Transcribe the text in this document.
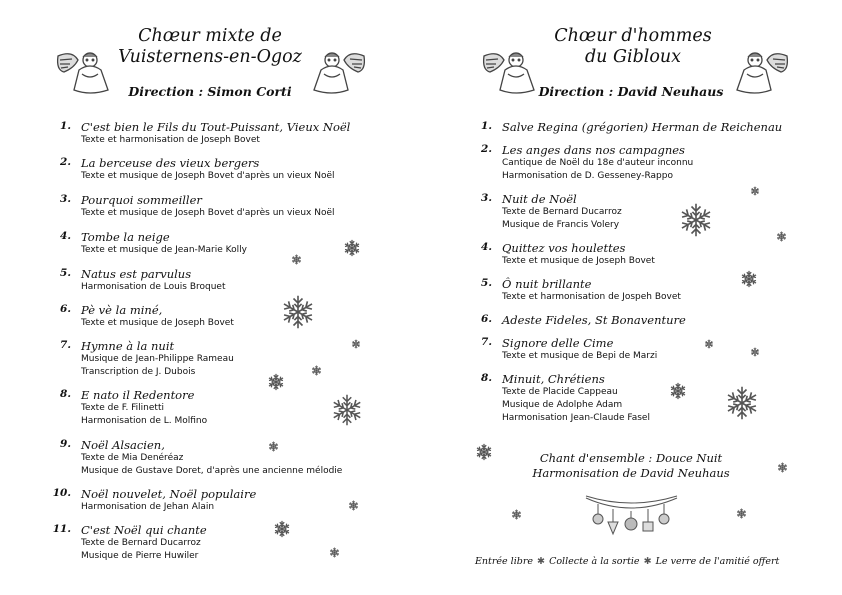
Chœur mixte de
Vuisternens-en-Ogoz
Direction : Simon Corti
1. C'est bien le Fils du Tout-Puissant, Vieux Noël
Texte et harmonisation de Joseph Bovet
2. La berceuse des vieux bergers
Texte et musique de Joseph Bovet d'après un vieux Noël
3. Pourquoi sommeiller
Texte et musique de Joseph Bovet d'après un vieux Noël
4. Tombe la neige
Texte et musique de Jean-Marie Kolly
5. Natus est parvulus
Harmonisation de Louis Broquet
6. Pè vè la miné,
Texte et musique de Joseph Bovet
7. Hymne à la nuit
Musique de Jean-Philippe Rameau
Transcription de J. Dubois
8. E nato il Redentore
Texte de F. Filinetti
Harmonisation de L. Molfino
9. Noël Alsacien,
Texte de Mia Denéréaz
Musique de Gustave Doret, d'après une ancienne mélodie
10. Noël nouvelet, Noël populaire
Harmonisation de Jehan Alain
11. C'est Noël qui chante
Texte de Bernard Ducarroz
Musique de Pierre Huwiler
Chœur d'hommes
du Gibloux
Direction : David Neuhaus
1. Salve Regina (grégorien) Herman de Reichenau
2. Les anges dans nos campagnes
Cantique de Noël du 18e d'auteur inconnu
Harmonisation de D. Gesseney-Rappo
3. Nuit de Noël
Texte de Bernard Ducarroz
Musique de Francis Volery
4. Quittez vos houlettes
Texte et musique de Joseph Bovet
5. Ô nuit brillante
Texte et harmonisation de Jospeh Bovet
6. Adeste Fideles, St Bonaventure
7. Signore delle Cime
Texte et musique de Bepi de Marzi
8. Minuit, Chrétiens
Texte de Placide Cappeau
Musique de Adolphe Adam
Harmonisation Jean-Claude Fasel
Chant d'ensemble : Douce Nuit
Harmonisation de David Neuhaus
Entrée libre ✱ Collecte à la sortie ✱ Le verre de l'amitié offert
